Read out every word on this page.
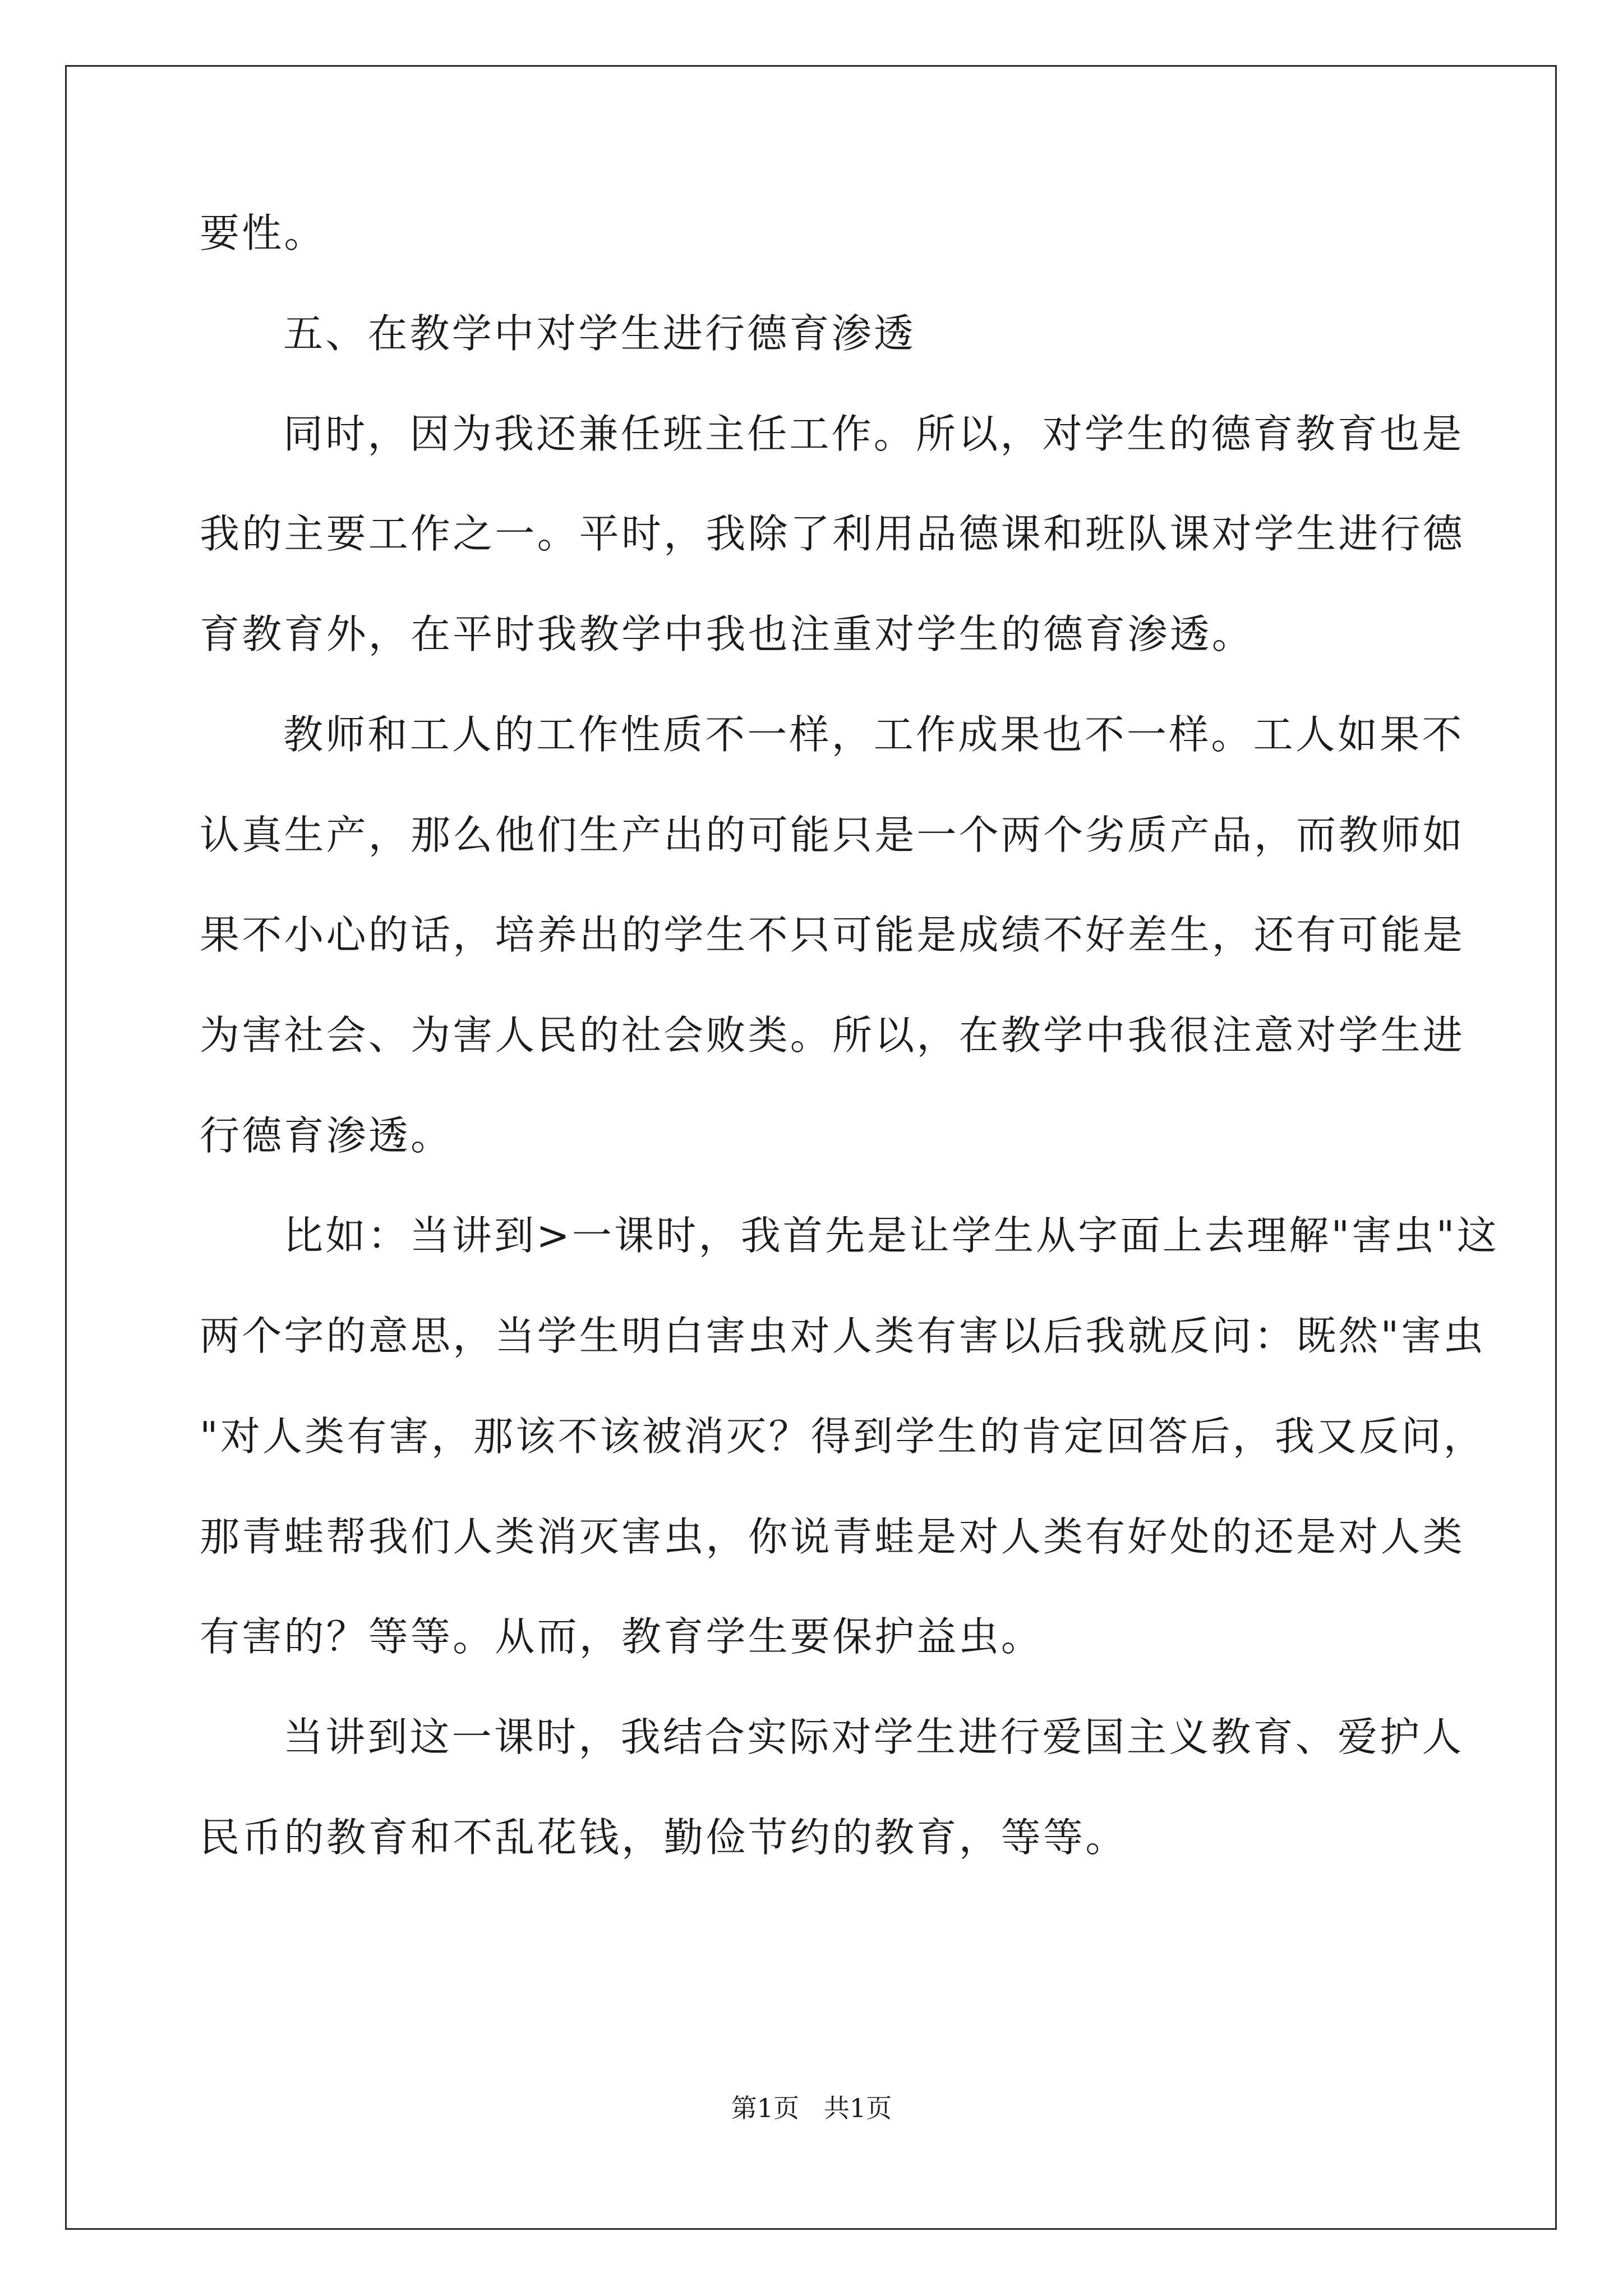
要性。
五、在教学中对学生进行德育渗透
同时，因为我还兼任班主任工作。所以，对学生的德育教育也是
我的主要工作之一。平时，我除了利用品德课和班队课对学生进行德
育教育外，在平时我教学中我也注重对学生的德育渗透。
教师和工人的工作性质不一样，工作成果也不一样。工人如果不
认真生产，那么他们生产出的可能只是一个两个劣质产品，而教师如
果不小心的话，培养出的学生不只可能是成绩不好差生，还有可能是
为害社会、为害人民的社会败类。所以，在教学中我很注意对学生进
行德育渗透。
比如：当讲到>一课时，我首先是让学生从字面上去理解"害虫"这
两个字的意思，当学生明白害虫对人类有害以后我就反问：既然"害虫
"对人类有害，那该不该被消灭？得到学生的肯定回答后，我又反问，
那青蛙帮我们人类消灭害虫，你说青蛙是对人类有好处的还是对人类
有害的？等等。从而，教育学生要保护益虫。
当讲到这一课时，我结合实际对学生进行爱国主义教育、爱护人
民币的教育和不乱花钱，勤俭节约的教育，等等。
第1页   共1页
